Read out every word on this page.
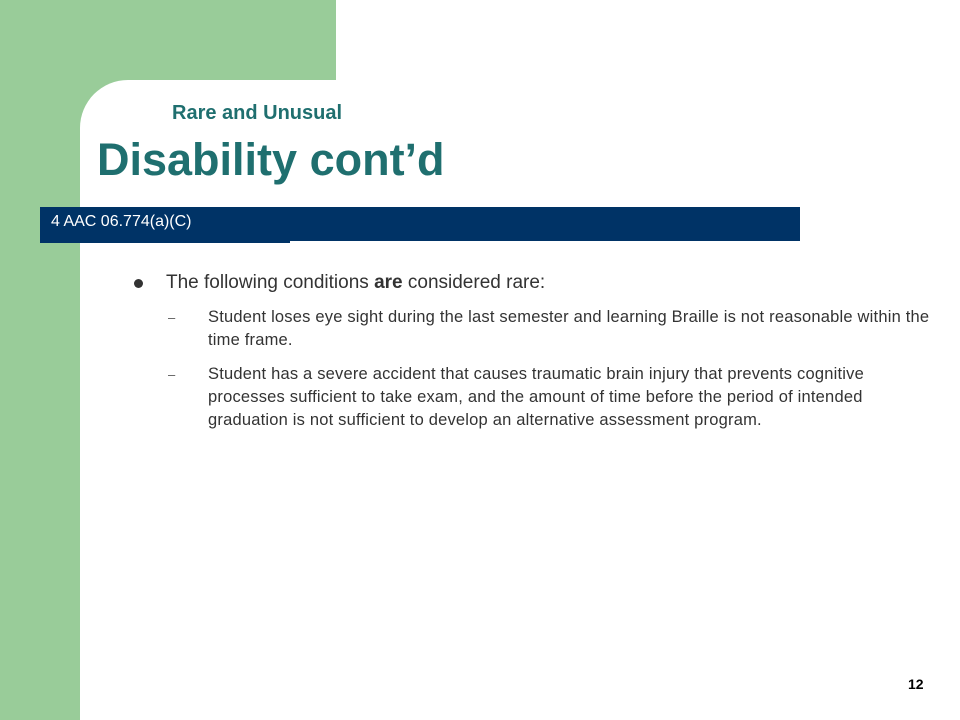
Rare and Unusual
Disability cont’d
4 AAC 06.774(a)(C)
The following conditions are considered rare:
– Student loses eye sight during the last semester and learning Braille is not reasonable within the time frame.
– Student has a severe accident that causes traumatic brain injury that prevents cognitive processes sufficient to take exam, and the amount of time before the period of intended graduation is not sufficient to develop an alternative assessment program.
12
